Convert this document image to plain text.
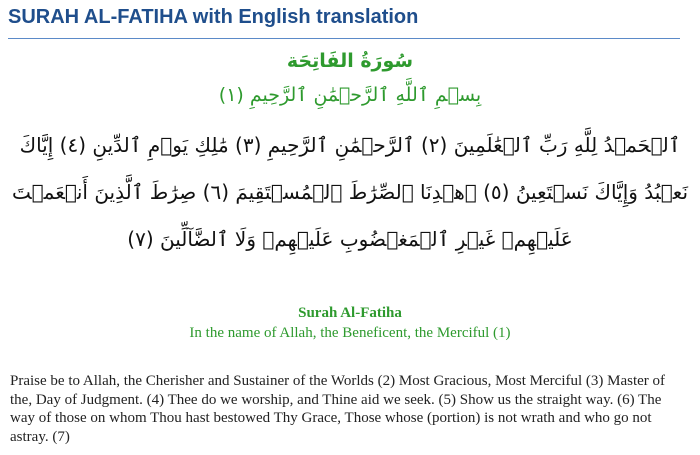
SURAH AL-FATIHA with English translation
سُورَةُ الفَاتِحَة
بِسۡمِ ٱللَّهِ ٱلرَّحۡمَٰنِ ٱلرَّحِيمِ (١)
ٱلۡحَمۡدُ لِلَّهِ رَبِّ ٱلۡعَٰلَمِينَ (٢) ٱلرَّحۡمَٰنِ ٱلرَّحِيمِ (٣) مَٰلِكِ يَوۡمِ ٱلدِّينِ (٤) إِيَّاكَ نَعۡبُدُ وَإِيَّاكَ نَسۡتَعِينُ (٥) ٱهۡدِنَا ٱلصِّرَٰطَ ٱلۡمُسۡتَقِيمَ (٦) صِرَٰطَ ٱلَّذِينَ أَنۡعَمۡتَ عَلَيۡهِمۡ غَيۡرِ ٱلۡمَغۡضُوبِ عَلَيۡهِمۡ وَلَا ٱلضَّآلِّينَ (٧)
Surah Al-Fatiha
In the name of Allah, the Beneficent, the Merciful (1)
Praise be to Allah, the Cherisher and Sustainer of the Worlds (2) Most Gracious, Most Merciful (3) Master of the, Day of Judgment. (4) Thee do we worship, and Thine aid we seek. (5) Show us the straight way. (6) The way of those on whom Thou hast bestowed Thy Grace, Those whose (portion) is not wrath and who go not astray. (7)
